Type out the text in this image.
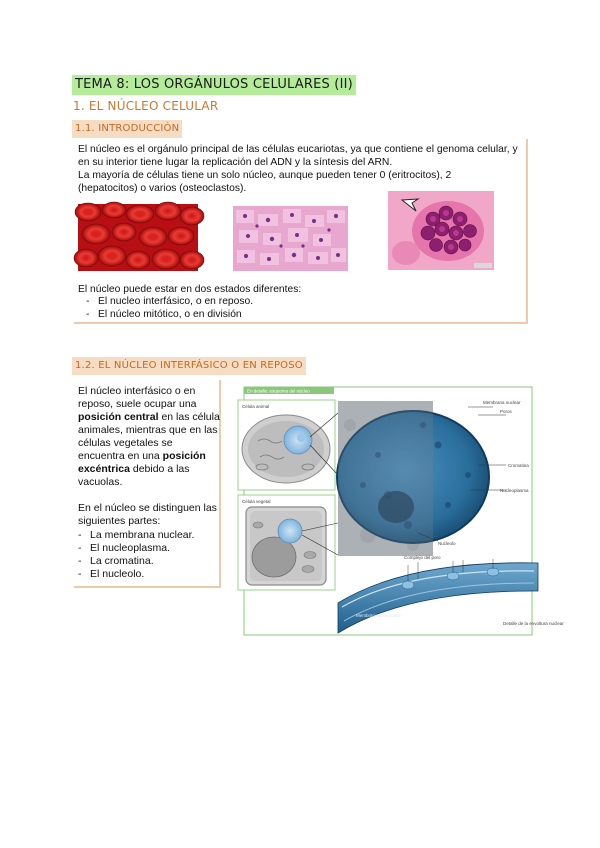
TEMA 8: LOS ORGÁNULOS CELULARES (II)
1. EL NÚCLEO CELULAR
1.1. INTRODUCCIÓN
El núcleo es el orgánulo principal de las células eucariotas, ya que contiene el genoma celular, y en su interior tiene lugar la replicación del ADN y la síntesis del ARN.
La mayoría de células tiene un solo núcleo, aunque pueden tener 0 (eritrocitos), 2 (hepatocitos) o varios (osteoclastos).
El núcleo puede estar en dos estados diferentes:
- El nucleo interfásico, o en reposo.
- El núcleo mitótico, o en división
1.2. EL NÚCLEO INTERFÁSICO O EN REPOSO
El núcleo interfásico o en reposo, suele ocupar una posición central en las célula animales, mientras que en las células vegetales se encuentra en una posición excéntrica debido a las vacuolas.
En el núcleo se distinguen las siguientes partes:
- La membrana nuclear.
- El nucleoplasma.
- La cromatina.
- El nucleolo.
En detalle: esquema del núcleo
Célula animal
Célula vegetal
Membrana nuclear
Poros
Cromatina
Nucleoplasma
Nucleolo
Complejo del poro
Membrana perinuclear
Detalle de la envoltura nuclear
